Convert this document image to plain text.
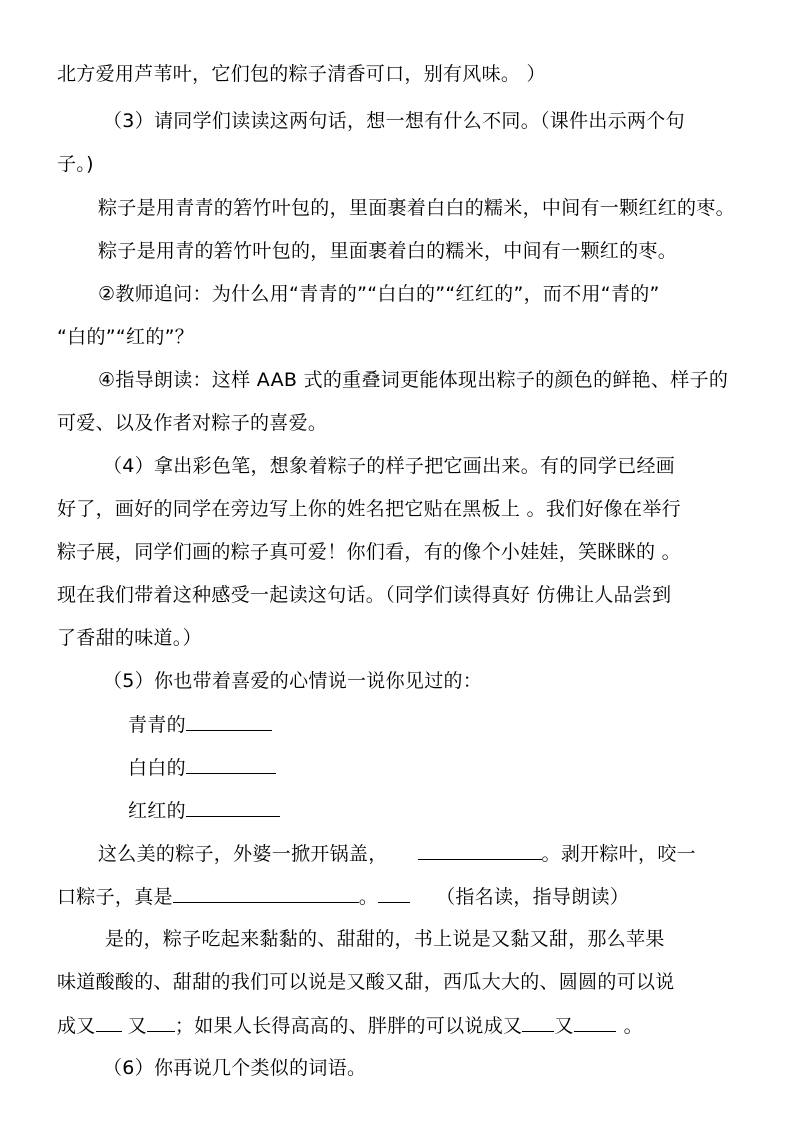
北方爱用芦苇叶，它们包的粽子清香可口，别有风味。 ）
（3）请同学们读读这两句话，想一想有什么不同。（课件出示两个句
子。)
粽子是用青青的箬竹叶包的，里面裹着白白的糯米，中间有一颗红红的枣。
粽子是用青的箬竹叶包的，里面裹着白的糯米，中间有一颗红的枣。
②教师追问：为什么用“青青的”“白白的”“红红的”，而不用“青的”
“白的”“红的”？
④指导朗读：这样 AAB 式的重叠词更能体现出粽子的颜色的鲜艳、样子的
可爱、以及作者对粽子的喜爱。
（4）拿出彩色笔，想象着粽子的样子把它画出来。有的同学已经画
好了，画好的同学在旁边写上你的姓名把它贴在黑板上 。我们好像在举行
粽子展，同学们画的粽子真可爱！你们看，有的像个小娃娃，笑眯眯的 。
现在我们带着这种感受一起读这句话。（同学们读得真好 仿佛让人品尝到
了香甜的味道。）
（5）你也带着喜爱的心情说一说你见过的：
青青的
白白的
红红的
这么美的粽子，外婆一掀开锅盖，	。剥开粽叶，咬一
口粽子，真是	。	（指名读，指导朗读）
是的，粽子吃起来黏黏的、甜甜的，书上说是又黏又甜，那么苹果
味道酸酸的、甜甜的我们可以说是又酸又甜，西瓜大大的、圆圆的可以说
成又 又 ；如果人长得高高的、胖胖的可以说成又 又	。
（6）你再说几个类似的词语。
